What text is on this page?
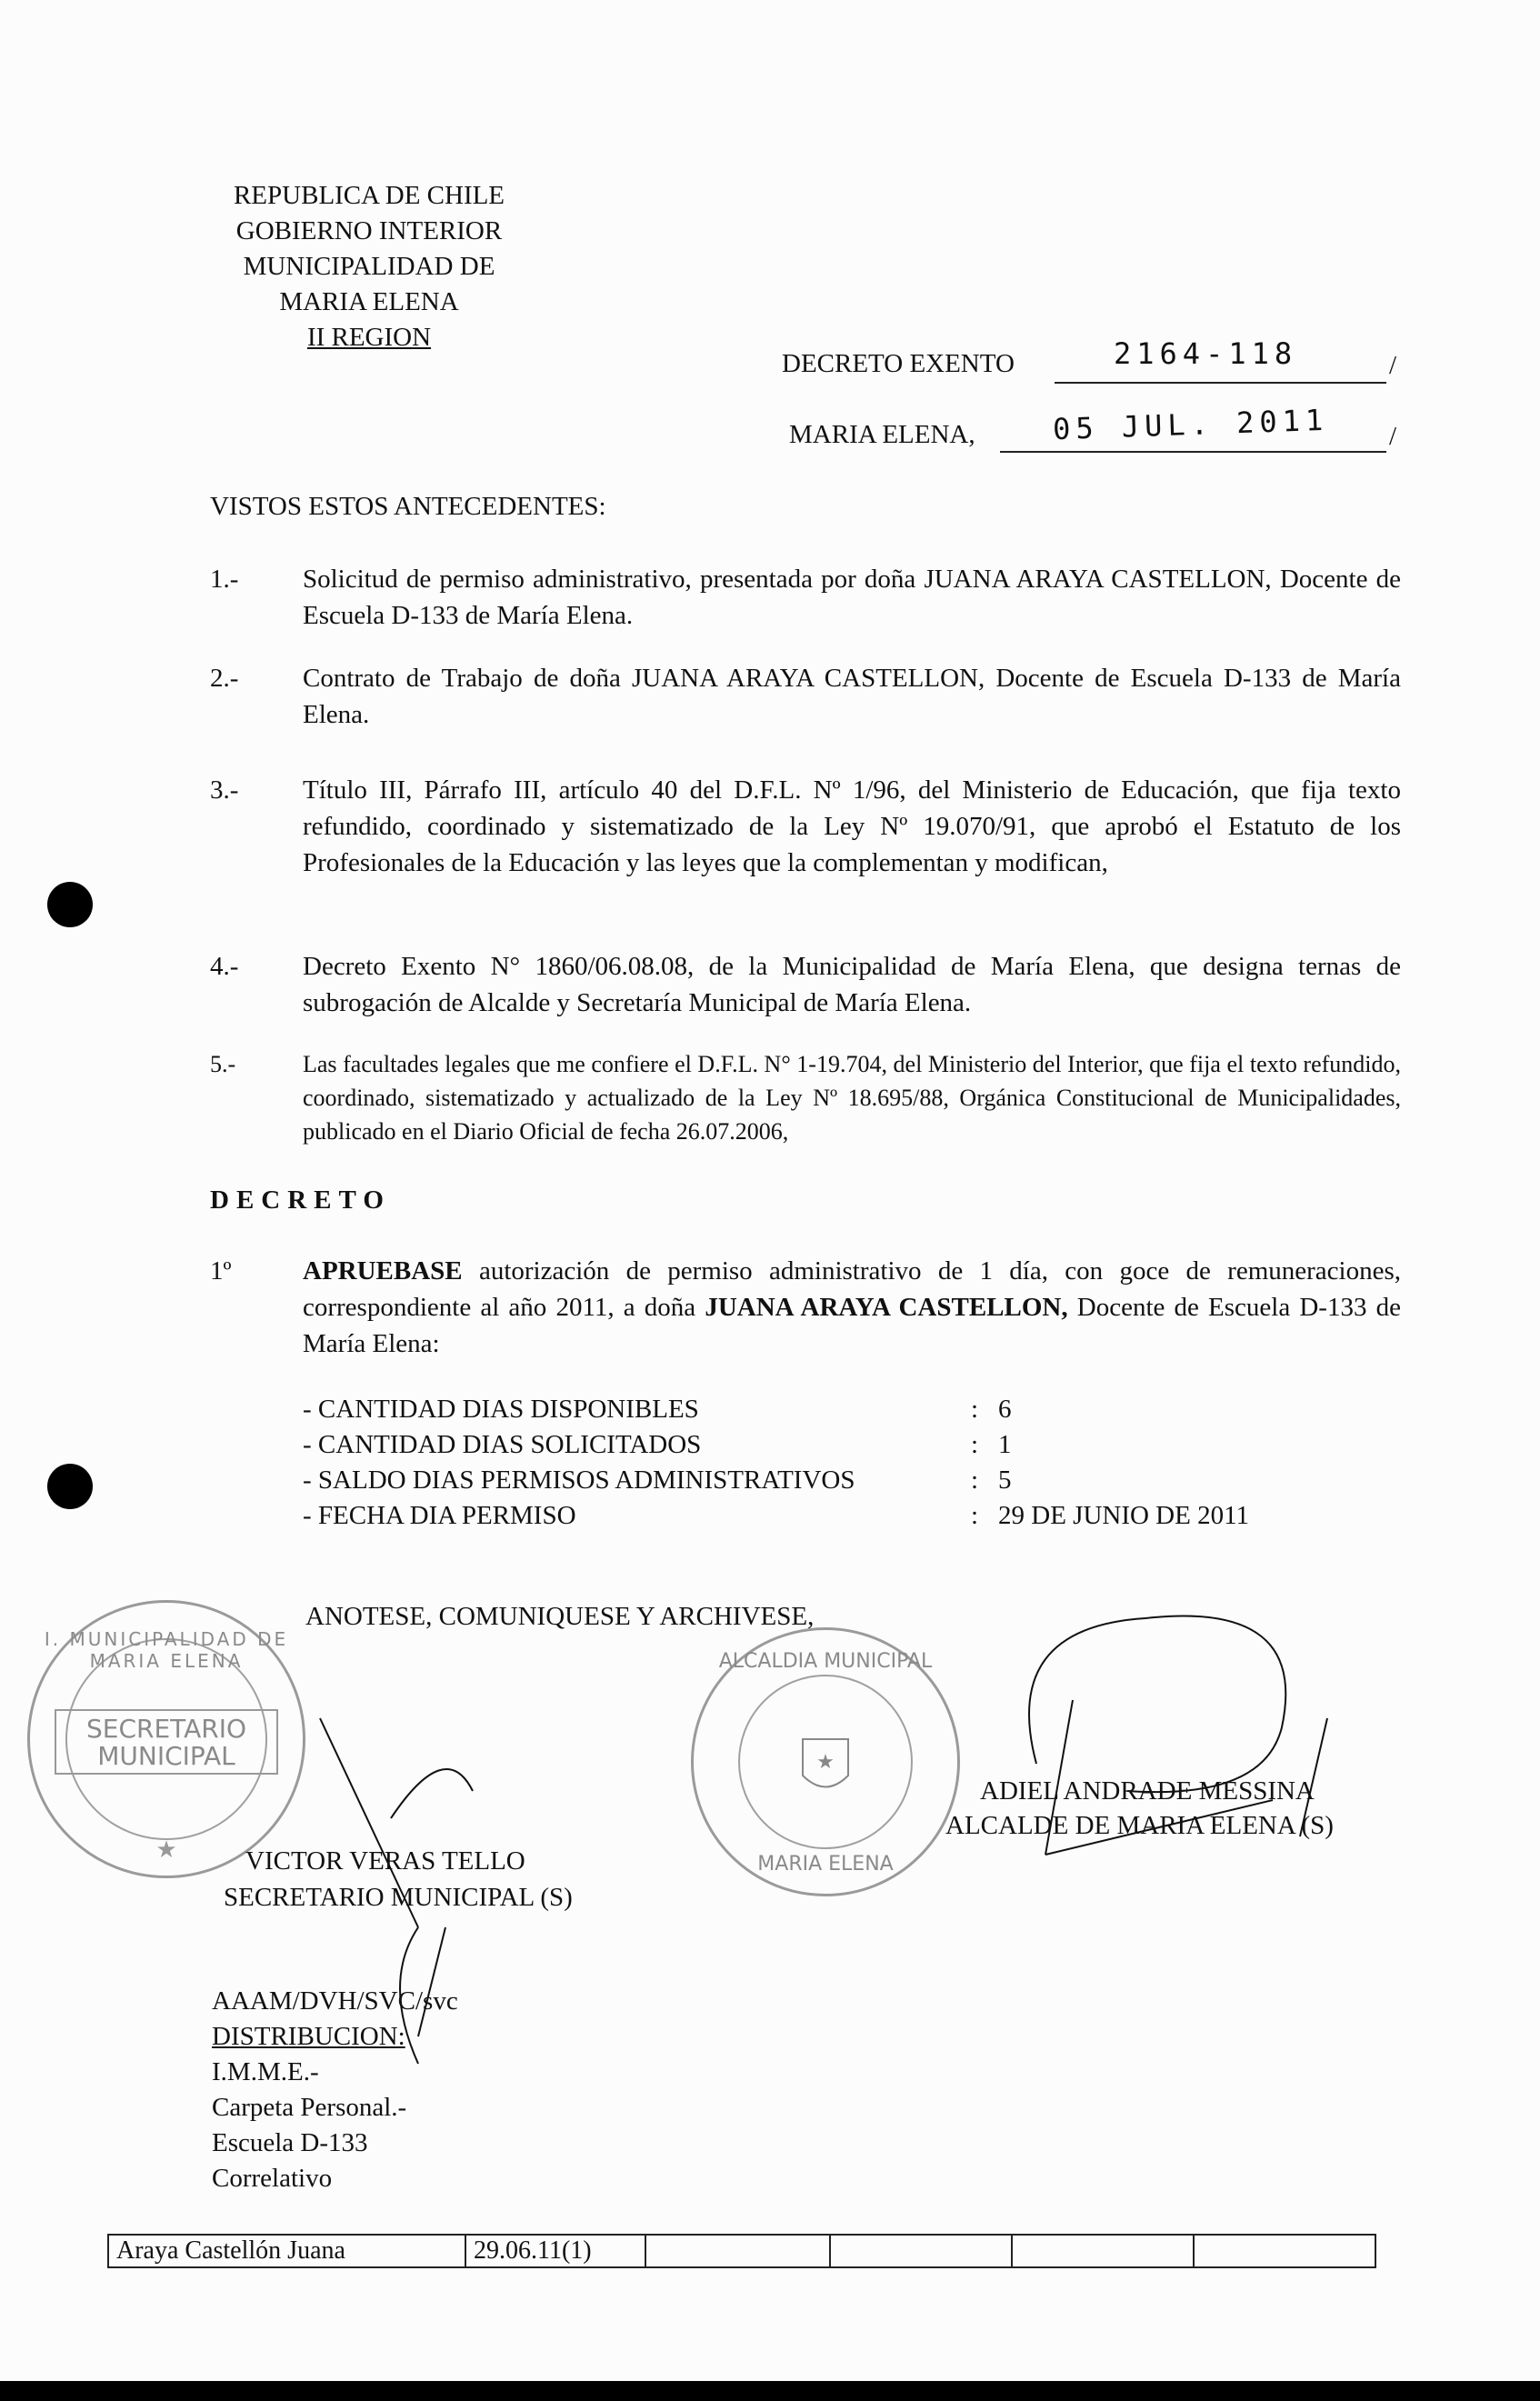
REPUBLICA DE CHILE
GOBIERNO INTERIOR
MUNICIPALIDAD DE
MARIA ELENA
II REGION
DECRETO EXENTO	2164-118	/
MARIA ELENA,	05 JUL. 2011 /
VISTOS ESTOS ANTECEDENTES:
1.- Solicitud de permiso administrativo, presentada por doña JUANA ARAYA CASTELLON, Docente de Escuela D-133 de María Elena.
2.- Contrato de Trabajo de doña JUANA ARAYA CASTELLON, Docente de Escuela D-133 de María Elena.
3.- Título III, Párrafo III, artículo 40 del D.F.L. Nº 1/96, del Ministerio de Educación, que fija texto refundido, coordinado y sistematizado de la Ley Nº 19.070/91, que aprobó el Estatuto de los Profesionales de la Educación y las leyes que la complementan y modifican,
4.- Decreto Exento N° 1860/06.08.08, de la Municipalidad de María Elena, que designa ternas de subrogación de Alcalde y Secretaría Municipal de María Elena.
5.-	Las facultades legales que me confiere el D.F.L. N° 1-19.704, del Ministerio del Interior, que fija el texto refundido, coordinado, sistematizado y actualizado de la Ley Nº 18.695/88, Orgánica Constitucional de Municipalidades, publicado en el Diario Oficial de fecha 26.07.2006,
DECRETO
1º	APRUEBASE autorización de permiso administrativo de 1 día, con goce de remuneraciones, correspondiente al año 2011, a doña JUANA ARAYA CASTELLON, Docente de Escuela D-133 de María Elena:
- CANTIDAD DIAS DISPONIBLES	: 6
- CANTIDAD DIAS SOLICITADOS	: 1
- SALDO DIAS PERMISOS ADMINISTRATIVOS	: 5
- FECHA DIA PERMISO	: 29 DE JUNIO DE 2011
ANOTESE, COMUNIQUESE Y ARCHIVESE,
★
I. MUNICIPALIDAD DE MARIA ELENA
SECRETARIO
MUNICIPAL	★
ALCALDIA MUNICIPAL
MARIA ELENA
VICTOR VERAS TELLO
SECRETARIO MUNICIPAL (S)
ADIEL ANDRADE MESSINA
ALCALDE DE MARIA ELENA (S)
AAAM/DVH/SVC/svc
DISTRIBUCION:
I.M.M.E.-
Carpeta Personal.-
Escuela D-133
Correlativo
Araya Castellón Juana	29.06.11(1)				
